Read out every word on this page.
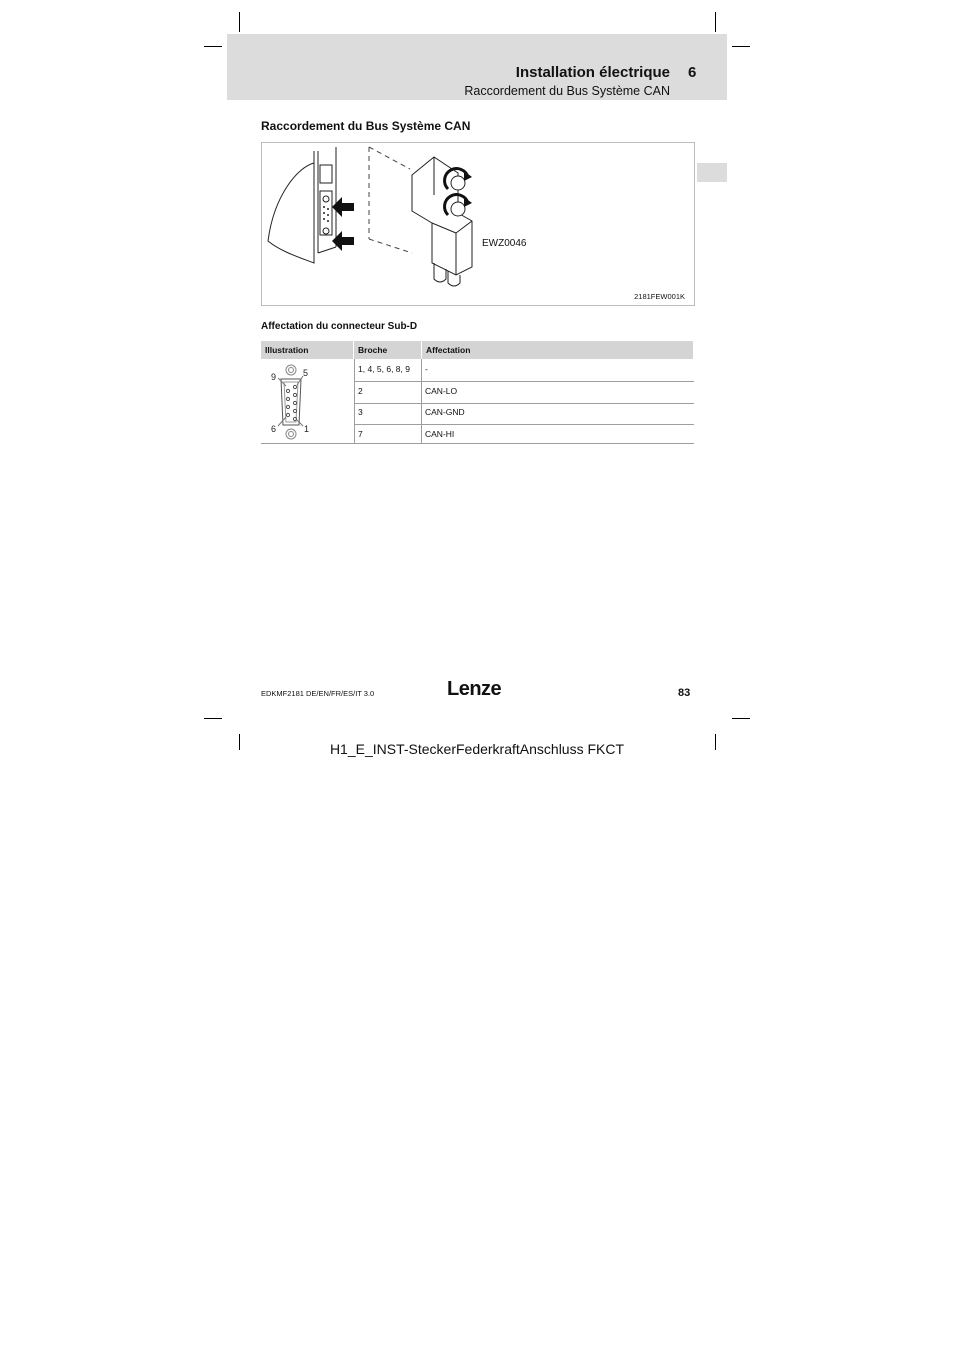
Installation électrique 6
Raccordement du Bus Système CAN
Raccordement du Bus Système CAN
EWZ0046
2181FEW001K
Affectation du connecteur Sub-D
Illustration	Broche	Affectation
9	5
6	1
1, 4, 5, 6, 8, 9 -
2	CAN-LO
3	CAN-GND
7	CAN-HI
EDKMF2181 DE/EN/FR/ES/IT 3.0	Lenze	83
H1_E_INST-SteckerFederkraftAnschluss FKCT
